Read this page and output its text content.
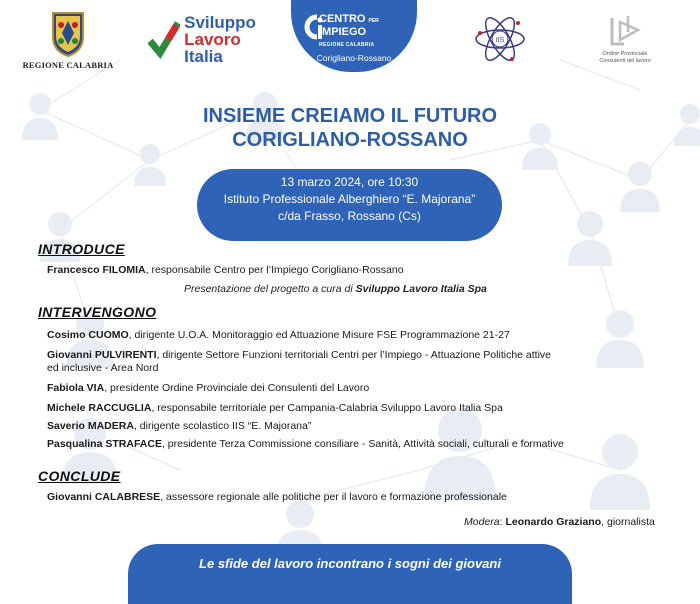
REGIONE CALABRIA
Sviluppo
Lavoro
Italia
CENTRO PER
IMPIEGO
REGIONE CALABRIA
Corigliano-Rossano
IIS
Ordine Provinciale
Consulenti del lavoro
INSIEME CREIAMO IL FUTURO
CORIGLIANO-ROSSANO
13 marzo 2024, ore 10:30
Istituto Professionale Alberghiero “E. Majorana”
c/da Frasso, Rossano (Cs)
INTRODUCE
Francesco FILOMIA, responsabile Centro per l’Impiego Corigliano-Rossano
Presentazione del progetto a cura di Sviluppo Lavoro Italia Spa
INTERVENGONO
Cosimo CUOMO, dirigente U.O.A. Monitoraggio ed Attuazione Misure FSE Programmazione 21-27
Giovanni PULVIRENTI, dirigente Settore Funzioni territoriali Centri per l’Impiego - Attuazione Politiche attive
ed inclusive - Area Nord
Fabiola VIA, presidente Ordine Provinciale dei Consulenti del Lavoro
Michele RACCUGLIA, responsabile territoriale per Campania-Calabria Sviluppo Lavoro Italia Spa
Saverio MADERA, dirigente scolastico IIS “E. Majorana”
Pasqualina STRAFACE, presidente Terza Commissione consiliare - Sanità, Attività sociali, culturali e formative
CONCLUDE
Giovanni CALABRESE, assessore regionale alle politiche per il lavoro e formazione professionale
Modera: Leonardo Graziano, giornalista
Le sfide del lavoro incontrano i sogni dei giovani
